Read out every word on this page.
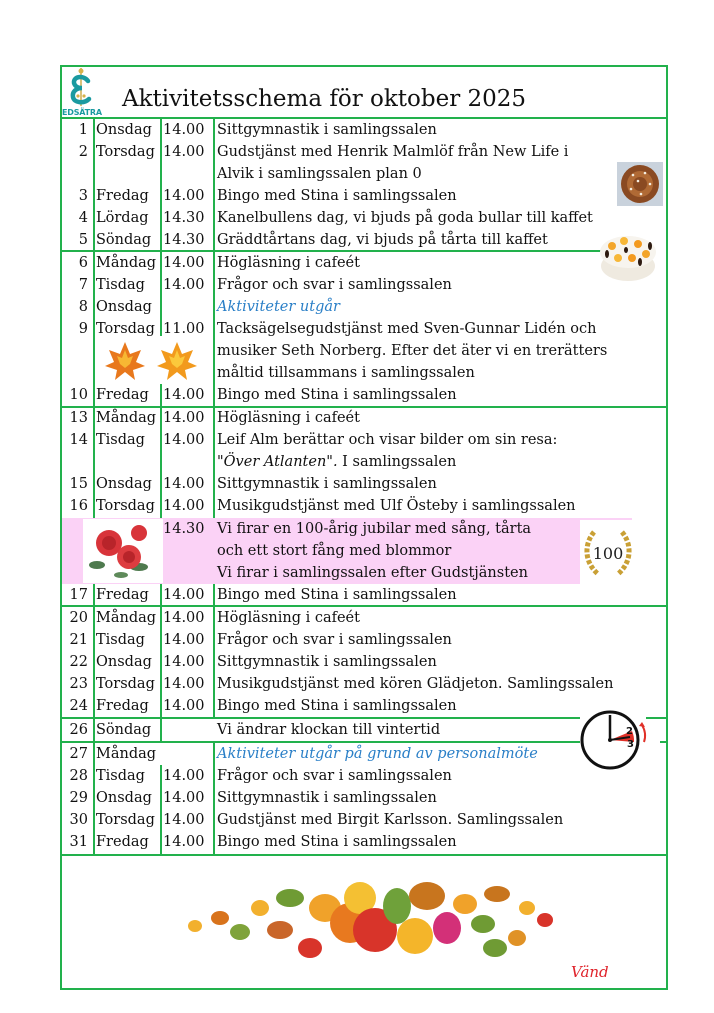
EDSÄTRA
Aktivitetsschema för oktober 2025
1 Onsdag 14.00 Sittgymnastik i samlingssalen
2 Torsdag 14.00 Gudstjänst med Henrik Malmlöf från New Life i
Alvik i samlingssalen plan 0
3 Fredag 14.00 Bingo med Stina i samlingssalen
4 Lördag 14.30 Kanelbullens dag, vi bjuds på goda bullar till kaffet
5 Söndag 14.30 Gräddtårtans dag, vi bjuds på tårta till kaffet
6 Måndag 14.00 Högläsning i cafeét
7 Tisdag 14.00 Frågor och svar i samlingssalen
8 Onsdag	Aktiviteter utgår
9 Torsdag 11.00 Tacksägelsegudstjänst med Sven-Gunnar Lidén och
musiker Seth Norberg. Efter det äter vi en trerätters
måltid tillsammans i samlingssalen
10 Fredag 14.00 Bingo med Stina i samlingssalen
13 Måndag 14.00 Högläsning i cafeét
14 Tisdag 14.00 Leif Alm berättar och visar bilder om sin resa:
"Över Atlanten". I samlingssalen
15 Onsdag 14.00 Sittgymnastik i samlingssalen
16 Torsdag 14.00 Musikgudstjänst med Ulf Östeby i samlingssalen
14.30 Vi firar en 100-årig jubilar med sång, tårta
och ett stort fång med blommor
Vi firar i samlingssalen efter Gudstjänsten
17 Fredag 14.00 Bingo med Stina i samlingssalen
20 Måndag 14.00 Högläsning i cafeét
21 Tisdag 14.00 Frågor och svar i samlingssalen
22 Onsdag 14.00 Sittgymnastik i samlingssalen
23 Torsdag 14.00 Musikgudstjänst med kören Glädjeton. Samlingssalen
24 Fredag 14.00 Bingo med Stina i samlingssalen
26 Söndag	Vi ändrar klockan till vintertid
27 Måndag	Aktiviteter utgår på grund av personalmöte
28 Tisdag 14.00 Frågor och svar i samlingssalen
29 Onsdag 14.00 Sittgymnastik i samlingssalen
30 Torsdag 14.00 Gudstjänst med Birgit Karlsson. Samlingssalen
31 Fredag 14.00 Bingo med Stina i samlingssalen
100
2
3
Vänd
